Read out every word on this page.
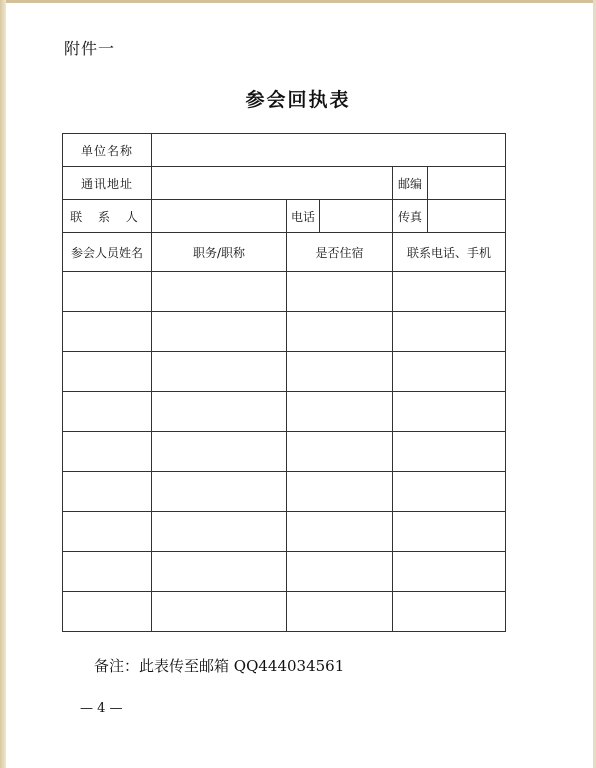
附件一
参会回执表
单位名称					
通讯地址				邮编	
联 系 人		电话		传真	
参会人员姓名	职务/职称	是否住宿		联系电话、手机	

备注：此表传至邮箱 QQ444034561
— 4 —
